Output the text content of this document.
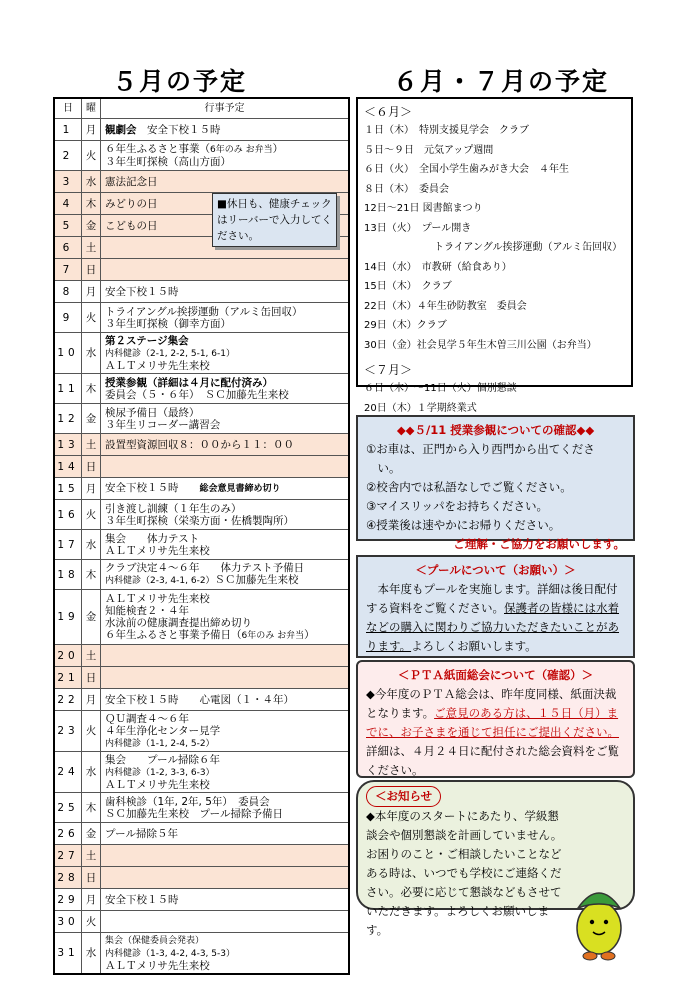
５月の予定	６月・７月の予定
日	曜	行事予定
1	月	観劇会　安全下校１５時
2	火	６年生ふるさと事業（6年のみ お弁当）
３年生町探検（高山方面）
3	水	憲法記念日
4	木	みどりの日
5	金	こどもの日
6	土	
7	日	
8	月	安全下校１５時
9	火	トライアングル挨拶運動（アルミ缶回収）
３年生町探検（御幸方面）
10	水	第２ステージ集会
内科健診（2-1, 2-2, 5-1, 6-1）
ＡＬＴメリサ先生来校
11	木	授業参観（詳細は４月に配付済み）
委員会（５・６年）　ＳＣ加藤先生来校
12	金	検尿予備日（最終）
３年生リコーダー講習会
13	土	設置型資源回収８：００から１１：００
14	日	
15	月	安全下校１５時　　総会意見書締め切り
16	火	引き渡し訓練（１年生のみ）
３年生町探検（栄楽方面・佐橋製陶所）
17	水	集会　　体力テスト
ＡＬＴメリサ先生来校
18	木	クラブ決定４～６年　　体力テスト予備日
内科健診（2-3, 4-1, 6-2）ＳＣ加藤先生来校
19	金	ＡＬＴメリサ先生来校
知能検査２・４年
水泳前の健康調査提出締め切り
６年生ふるさと事業予備日（6年のみ お弁当）
20	土	
21	日	
22	月	安全下校１５時　　心電図（１・４年）
23	火	ＱＵ調査４～６年
４年生浄化センター見学
内科健診（1-1, 2-4, 5-2）
24	水	集会　　プール掃除６年
内科健診（1-2, 3-3, 6-3）
ＡＬＴメリサ先生来校
25	木	歯科検診（1年, 2年, 5年）　委員会
ＳＣ加藤先生来校　プール掃除予備日
26	金	プール掃除５年
27	土	
28	日	
29	月	安全下校１５時
30	火	
31	水	集会（保健委員会発表）
内科健診（1-3, 4-2, 4-3, 5-3）
ＡＬＴメリサ先生来校
■休日も、健康チェックはリーバーで入力してください。
＜６月＞
１日（木）　特別支援見学会　クラブ
５日～９日　元気アップ週間
６日（火）　全国小学生歯みがき大会　４年生
８日（木）　委員会
12日～21日 図書館まつり
13日（火）　プール開き
トライアングル挨拶運動（アルミ缶回収）
14日（水）　市教研（給食あり）
15日（木）　クラブ
22日（木）４年生砂防教室　委員会
29日（木）クラブ
30日（金）社会見学５年生木曽三川公園（お弁当）
＜７月＞
６日（木）～11日（火）個別懇談
20日（木）１学期終業式
◆◆５/11 授業参観についての確認◆◆
①お車は、正門から入り西門から出てくださ
　い。
②校舎内では私語なしでご覧ください。
③マイスリッパをお持ちください。
④授業後は速やかにお帰りください。
ご理解・ご協力をお願いします。
＜プールについて（お願い）＞
　本年度もプールを実施します。詳細は後日配付する資料をご覧ください。保護者の皆様には水着などの購入に関わりご協力いただきたいことがあります。よろしくお願いします。
＜ＰＴＡ紙面総会について（確認）＞
◆今年度のＰＴＡ総会は、昨年度同様、紙面決裁となります。ご意見のある方は、１５日（月）までに、お子さまを通じて担任にご提出ください。詳細は、４月２４日に配付された総会資料をご覧ください。
＜お知らせ
◆本年度のスタートにあたり、学級懇談会や個別懇談を計画していません。お困りのこと・ご相談したいことなどある時は、いつでも学校にご連絡ください。必要に応じて懇談などもさせていただきます。よろしくお願いします。
